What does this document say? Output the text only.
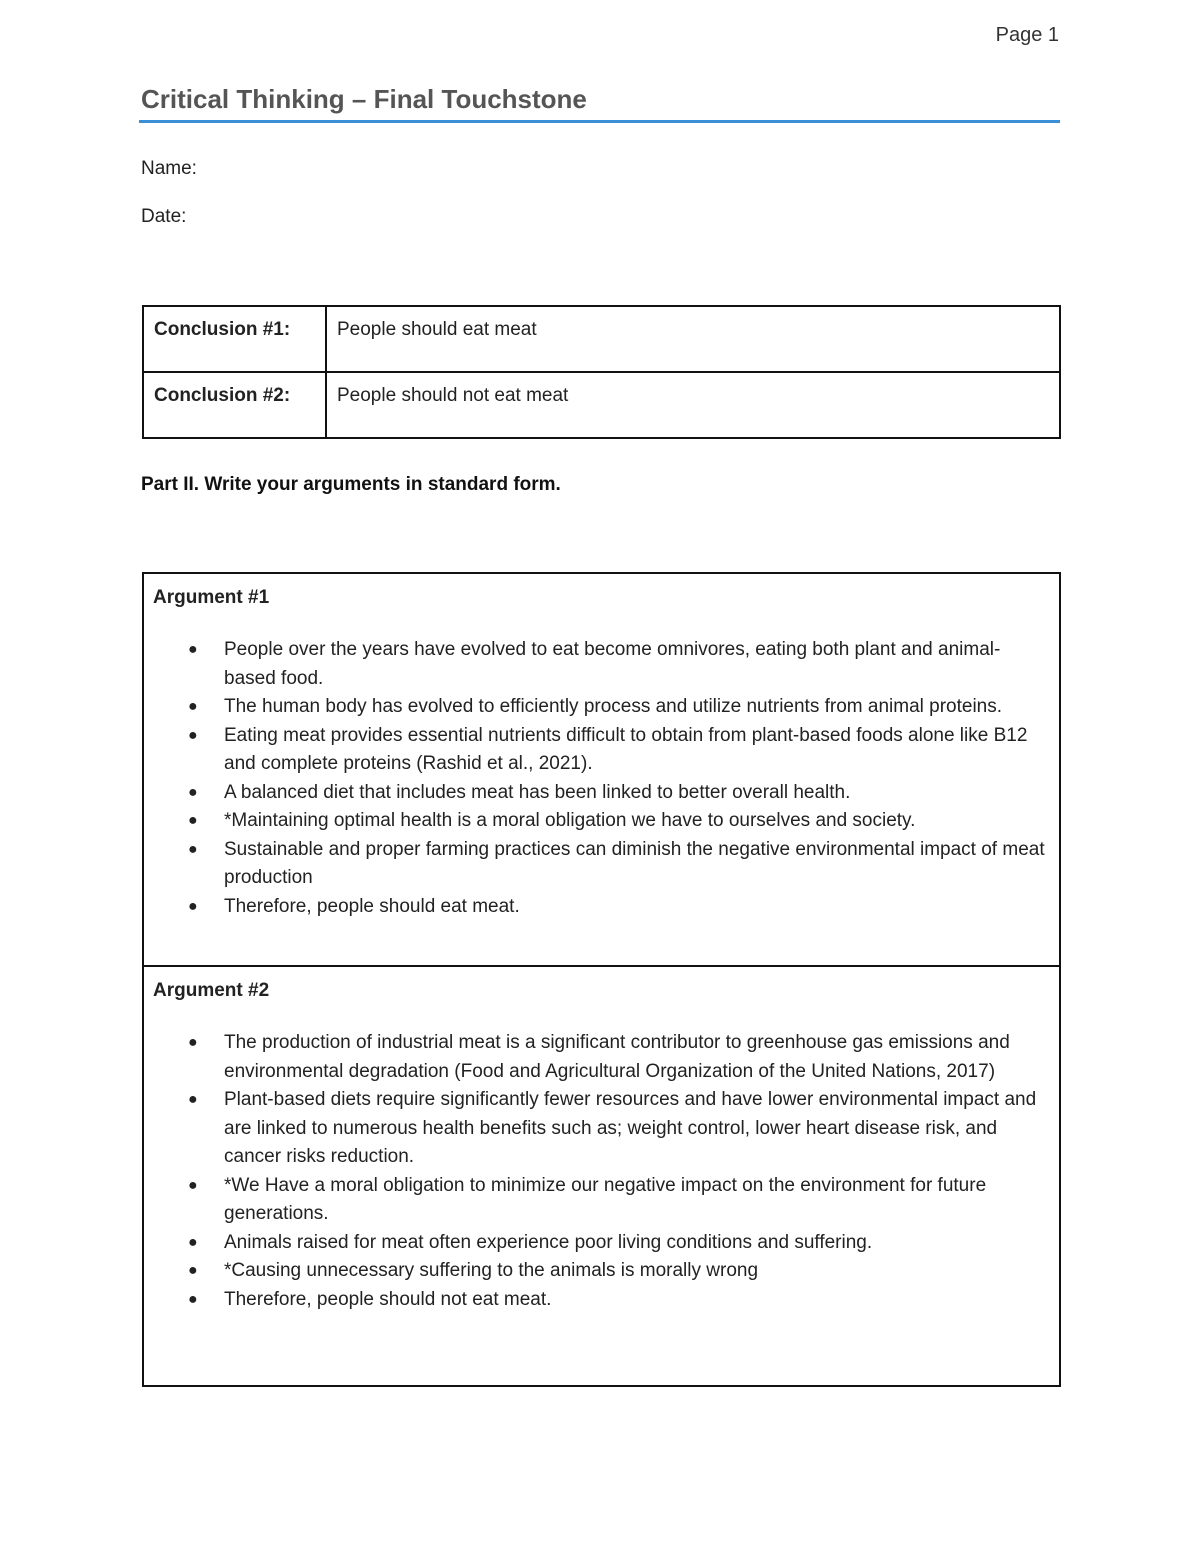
Page 1
Critical Thinking – Final Touchstone
Name:
Date:
Conclusion #1:	People should eat meat
Conclusion #2:	People should not eat meat
Part II. Write your arguments in standard form.
Argument #1
● People over the years have evolved to eat become omnivores, eating both plant and animal-based food.
● The human body has evolved to efficiently process and utilize nutrients from animal proteins.
● Eating meat provides essential nutrients difficult to obtain from plant-based foods alone like B12 and complete proteins (Rashid et al., 2021).
● A balanced diet that includes meat has been linked to better overall health.
● *Maintaining optimal health is a moral obligation we have to ourselves and society.
● Sustainable and proper farming practices can diminish the negative environmental impact of meat production
● Therefore, people should eat meat.

Argument #2
● The production of industrial meat is a significant contributor to greenhouse gas emissions and environmental degradation (Food and Agricultural Organization of the United Nations, 2017)
● Plant-based diets require significantly fewer resources and have lower environmental impact and are linked to numerous health benefits such as; weight control, lower heart disease risk, and cancer risks reduction.
● *We Have a moral obligation to minimize our negative impact on the environment for future generations.
● Animals raised for meat often experience poor living conditions and suffering.
● *Causing unnecessary suffering to the animals is morally wrong
● Therefore, people should not eat meat.
